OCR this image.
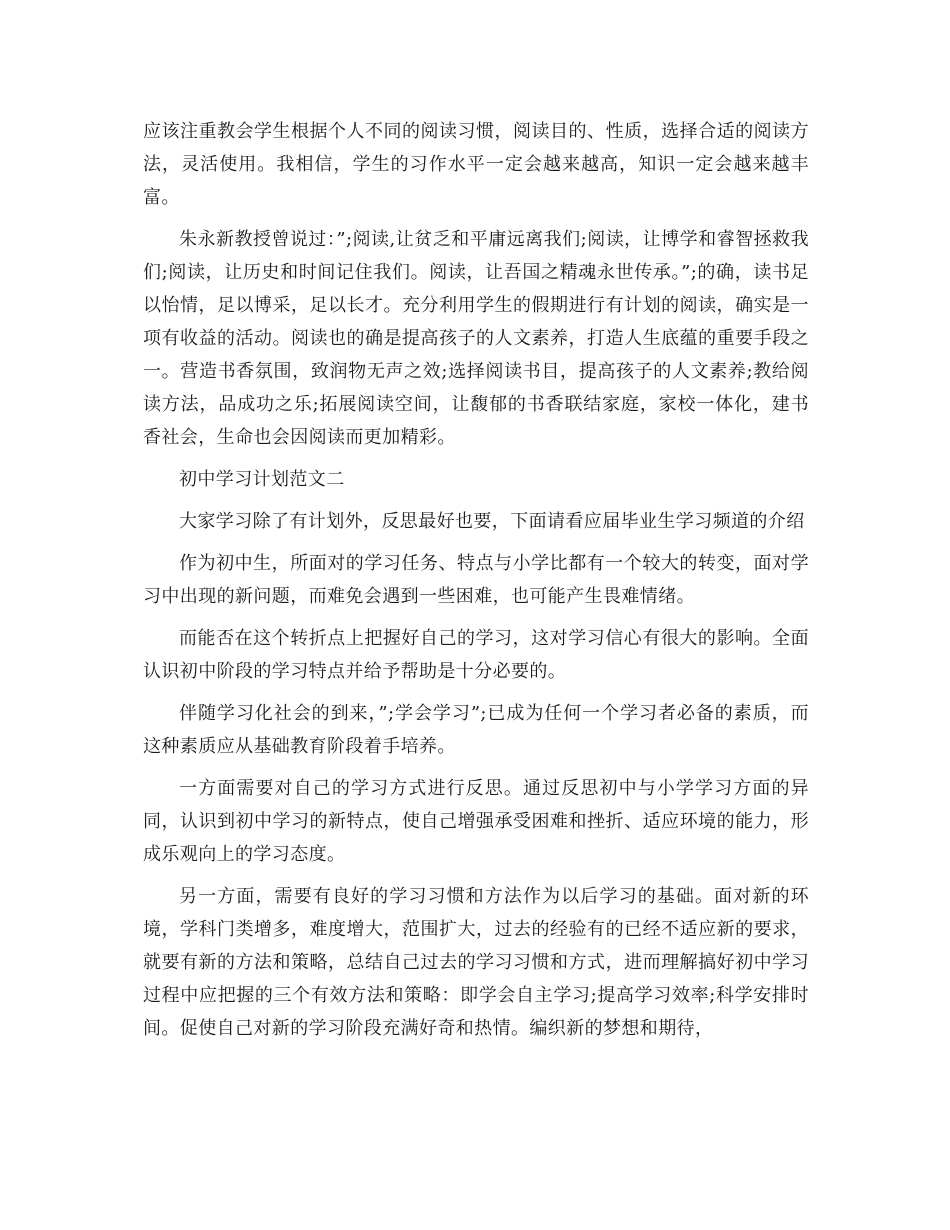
应该注重教会学生根据个人不同的阅读习惯，阅读目的、性质，选择合适的阅读方法，灵活使用。我相信，学生的习作水平一定会越来越高，知识一定会越来越丰富。

朱永新教授曾说过：”;阅读,让贫乏和平庸远离我们;阅读，让博学和睿智拯救我们;阅读，让历史和时间记住我们。阅读，让吾国之精魂永世传承。”;的确，读书足以怡情，足以博采，足以长才。充分利用学生的假期进行有计划的阅读，确实是一项有收益的活动。阅读也的确是提高孩子的人文素养，打造人生底蕴的重要手段之一。营造书香氛围，致润物无声之效;选择阅读书目，提高孩子的人文素养;教给阅读方法，品成功之乐;拓展阅读空间，让馥郁的书香联结家庭，家校一体化，建书香社会，生命也会因阅读而更加精彩。

初中学习计划范文二

大家学习除了有计划外，反思最好也要，下面请看应届毕业生学习频道的介绍

作为初中生，所面对的学习任务、特点与小学比都有一个较大的转变，面对学习中出现的新问题，而难免会遇到一些困难，也可能产生畏难情绪。

而能否在这个转折点上把握好自己的学习，这对学习信心有很大的影响。全面认识初中阶段的学习特点并给予帮助是十分必要的。

伴随学习化社会的到来，”;学会学习”;已成为任何一个学习者必备的素质，而这种素质应从基础教育阶段着手培养。

一方面需要对自己的学习方式进行反思。通过反思初中与小学学习方面的异同，认识到初中学习的新特点，使自己增强承受困难和挫折、适应环境的能力，形成乐观向上的学习态度。

另一方面，需要有良好的学习习惯和方法作为以后学习的基础。面对新的环境，学科门类增多，难度增大，范围扩大，过去的经验有的已经不适应新的要求，就要有新的方法和策略，总结自己过去的学习习惯和方式，进而理解搞好初中学习过程中应把握的三个有效方法和策略：即学会自主学习;提高学习效率;科学安排时间。促使自己对新的学习阶段充满好奇和热情。编织新的梦想和期待，
